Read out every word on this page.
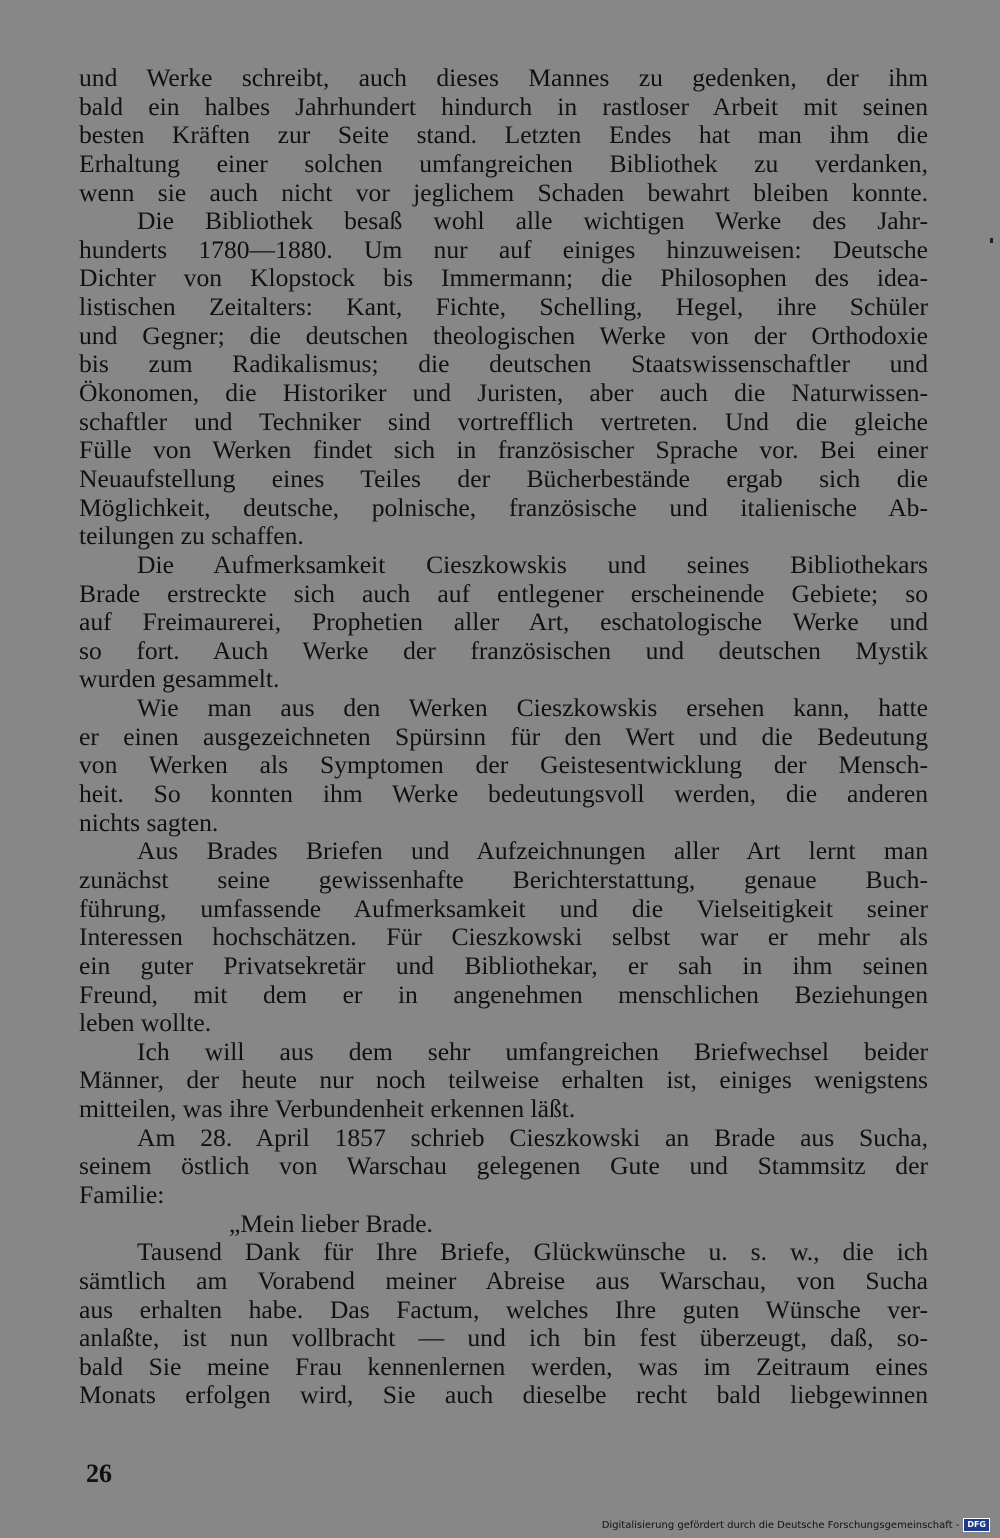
und Werke schreibt, auch dieses Mannes zu gedenken, der ihm
bald ein halbes Jahrhundert hindurch in rastloser Arbeit mit seinen
besten Kräften zur Seite stand. Letzten Endes hat man ihm die
Erhaltung einer solchen umfangreichen Bibliothek zu verdanken,
wenn sie auch nicht vor jeglichem Schaden bewahrt bleiben konnte.
Die Bibliothek besaß wohl alle wichtigen Werke des Jahr-
hunderts 1780—1880. Um nur auf einiges hinzuweisen: Deutsche
Dichter von Klopstock bis Immermann; die Philosophen des idea-
listischen Zeitalters: Kant, Fichte, Schelling, Hegel, ihre Schüler
und Gegner; die deutschen theologischen Werke von der Orthodoxie
bis zum Radikalismus; die deutschen Staatswissenschaftler und
Ökonomen, die Historiker und Juristen, aber auch die Naturwissen-
schaftler und Techniker sind vortrefflich vertreten. Und die gleiche
Fülle von Werken findet sich in französischer Sprache vor. Bei einer
Neuaufstellung eines Teiles der Bücherbestände ergab sich die
Möglichkeit, deutsche, polnische, französische und italienische Ab-
teilungen zu schaffen.
Die Aufmerksamkeit Cieszkowskis und seines Bibliothekars
Brade erstreckte sich auch auf entlegener erscheinende Gebiete; so
auf Freimaurerei, Prophetien aller Art, eschatologische Werke und
so fort. Auch Werke der französischen und deutschen Mystik
wurden gesammelt.
Wie man aus den Werken Cieszkowskis ersehen kann, hatte
er einen ausgezeichneten Spürsinn für den Wert und die Bedeutung
von Werken als Symptomen der Geistesentwicklung der Mensch-
heit. So konnten ihm Werke bedeutungsvoll werden, die anderen
nichts sagten.
Aus Brades Briefen und Aufzeichnungen aller Art lernt man
zunächst seine gewissenhafte Berichterstattung, genaue Buch-
führung, umfassende Aufmerksamkeit und die Vielseitigkeit seiner
Interessen hochschätzen. Für Cieszkowski selbst war er mehr als
ein guter Privatsekretär und Bibliothekar, er sah in ihm seinen
Freund, mit dem er in angenehmen menschlichen Beziehungen
leben wollte.
Ich will aus dem sehr umfangreichen Briefwechsel beider
Männer, der heute nur noch teilweise erhalten ist, einiges wenigstens
mitteilen, was ihre Verbundenheit erkennen läßt.
Am 28. April 1857 schrieb Cieszkowski an Brade aus Sucha,
seinem östlich von Warschau gelegenen Gute und Stammsitz der
Familie:
„Mein lieber Brade.
Tausend Dank für Ihre Briefe, Glückwünsche u. s. w., die ich
sämtlich am Vorabend meiner Abreise aus Warschau, von Sucha
aus erhalten habe. Das Factum, welches Ihre guten Wünsche ver-
anlaßte, ist nun vollbracht — und ich bin fest überzeugt, daß, so-
bald Sie meine Frau kennenlernen werden, was im Zeitraum eines
Monats erfolgen wird, Sie auch dieselbe recht bald liebgewinnen
26
Digitalisierung gefördert durch die Deutsche Forschungsgemeinschaft -	DFG
